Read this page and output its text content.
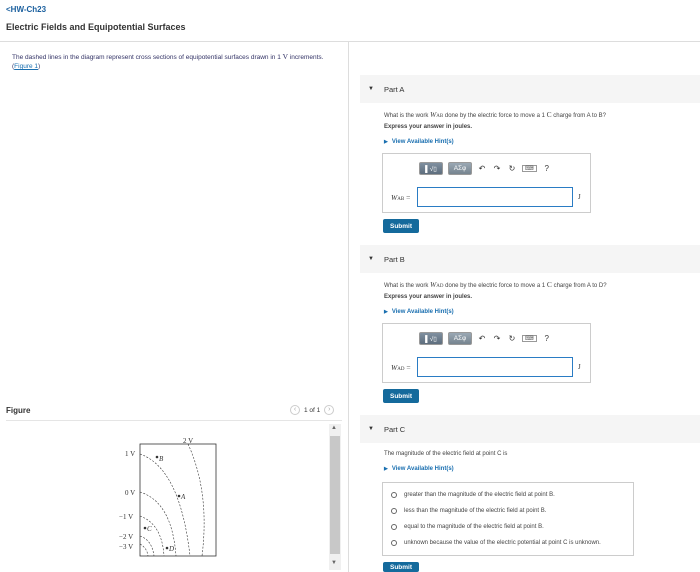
<HW-Ch23
Electric Fields and Equipotential Surfaces
The dashed lines in the diagram represent cross sections of equipotential surfaces drawn in 1 V increments. (Figure 1)
Figure	‹	1 of 1	›
2 V
1 V
0 V
−1 V
−2 V
−3 V
A
B
C
D
▲
▼
▼ Part A
What is the work WAB done by the electric force to move a 1 C charge from A to B?
Express your answer in joules.
▶ View Available Hint(s)
▌√▯	ΑΣφ	↶ ↷ ↻	⌨	?
WAB =	J
Submit
▼ Part B
What is the work WAD done by the electric force to move a 1 C charge from A to D?
Express your answer in joules.
▶ View Available Hint(s)
▌√▯	ΑΣφ	↶ ↷ ↻	⌨	?
WAD =	J
Submit
▼ Part C
The magnitude of the electric field at point C is
▶ View Available Hint(s)
greater than the magnitude of the electric field at point B.
less than the magnitude of the electric field at point B.
equal to the magnitude of the electric field at point B.
unknown because the value of the electric potential at point C is unknown.
Submit
